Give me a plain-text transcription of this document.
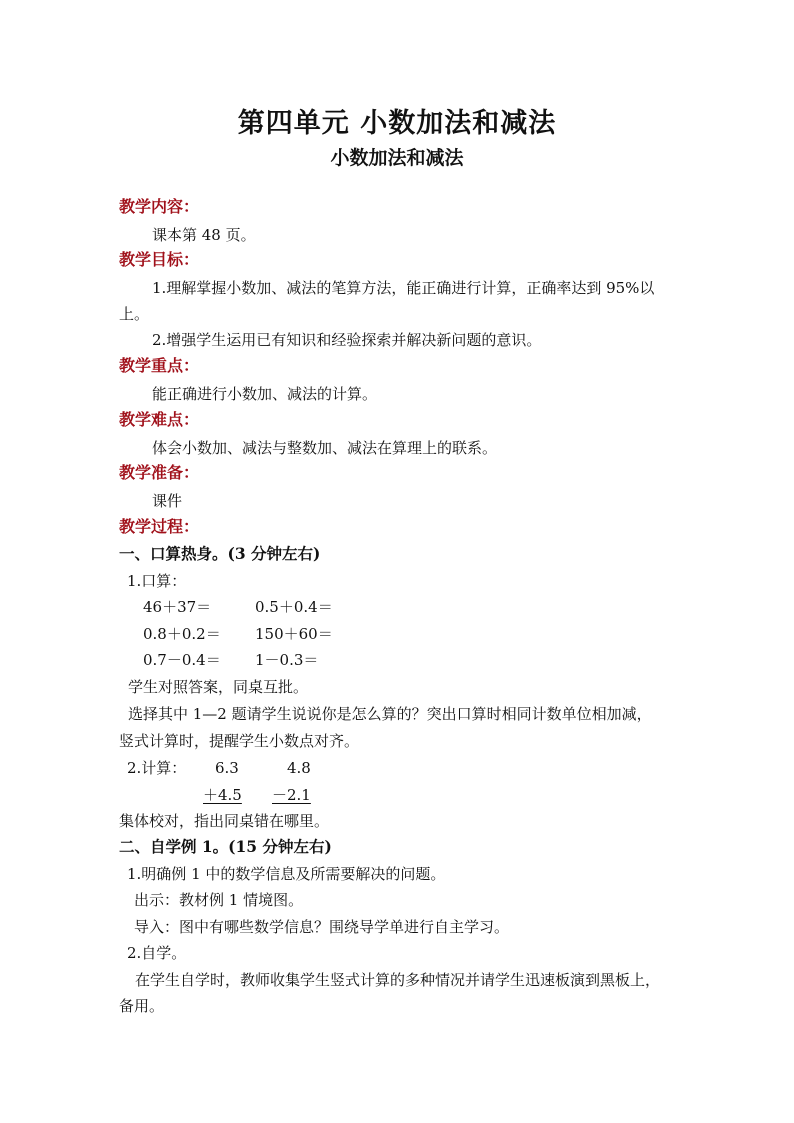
第四单元 小数加法和减法
小数加法和减法
教学内容：
课本第 48 页。
教学目标：
1.理解掌握小数加、减法的笔算方法，能正确进行计算，正确率达到 95%以
上。
2.增强学生运用已有知识和经验探索并解决新问题的意识。
教学重点：
能正确进行小数加、减法的计算。
教学难点：
体会小数加、减法与整数加、减法在算理上的联系。
教学准备：
课件
教学过程：
一、口算热身。(3 分钟左右)
1.口算：
46＋37＝	0.5＋0.4＝
0.8＋0.2＝ 150＋60＝
0.7－0.4＝ 1－0.3＝
学生对照答案，同桌互批。
选择其中 1—2 题请学生说说你是怎么算的？突出口算时相同计数单位相加减，
竖式计算时，提醒学生小数点对齐。
2.计算： 6.3	4.8
＋4.5 －2.1
集体校对，指出同桌错在哪里。
二、自学例 1。(15 分钟左右)
1.明确例 1 中的数学信息及所需要解决的问题。
出示：教材例 1 情境图。
导入：图中有哪些数学信息？围绕导学单进行自主学习。
2.自学。
在学生自学时，教师收集学生竖式计算的多种情况并请学生迅速板演到黑板上，
备用。
